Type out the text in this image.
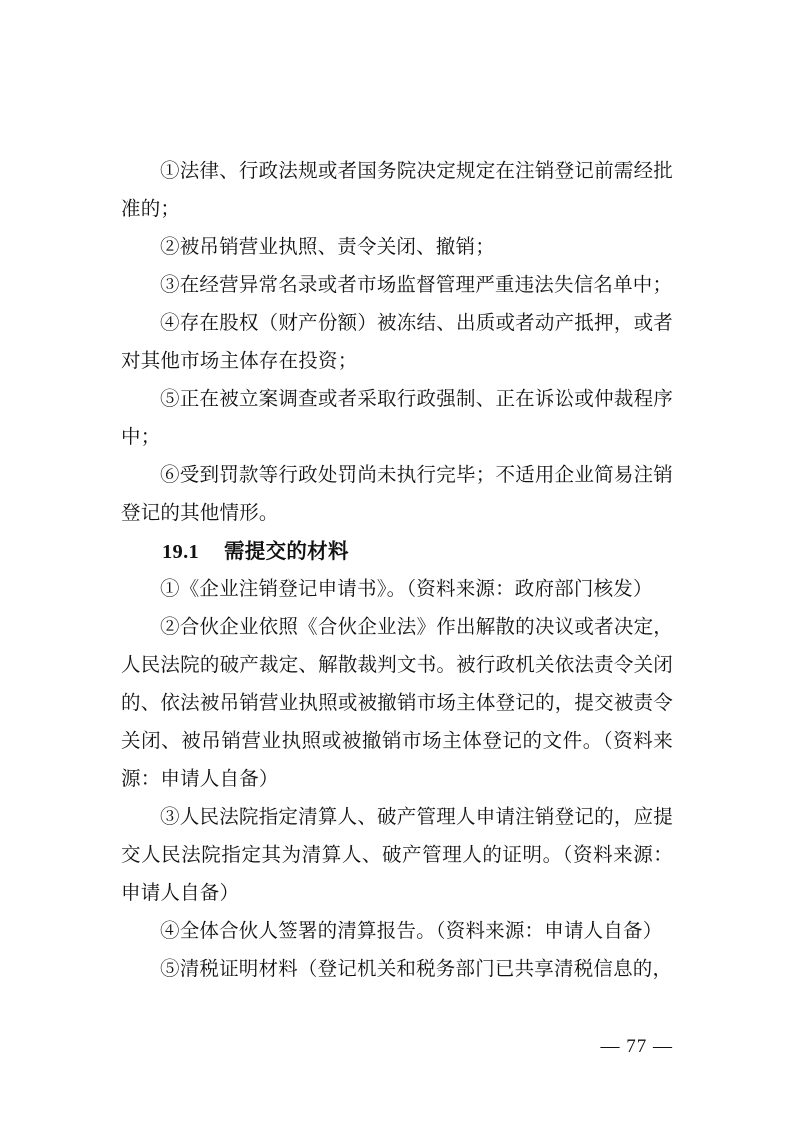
①法律、行政法规或者国务院决定规定在注销登记前需经批准的；

②被吊销营业执照、责令关闭、撤销；

③在经营异常名录或者市场监督管理严重违法失信名单中；

④存在股权（财产份额）被冻结、出质或者动产抵押，或者对其他市场主体存在投资；

⑤正在被立案调查或者采取行政强制、正在诉讼或仲裁程序中；

⑥受到罚款等行政处罚尚未执行完毕；不适用企业简易注销登记的其他情形。

19.1 需提交的材料

①《企业注销登记申请书》。（资料来源：政府部门核发）

②合伙企业依照《合伙企业法》作出解散的决议或者决定，人民法院的破产裁定、解散裁判文书。被行政机关依法责令关闭的、依法被吊销营业执照或被撤销市场主体登记的，提交被责令关闭、被吊销营业执照或被撤销市场主体登记的文件。（资料来源：申请人自备）

③人民法院指定清算人、破产管理人申请注销登记的，应提交人民法院指定其为清算人、破产管理人的证明。（资料来源：申请人自备）

④全体合伙人签署的清算报告。（资料来源：申请人自备）

⑤清税证明材料（登记机关和税务部门已共享清税信息的，

— 77 —
